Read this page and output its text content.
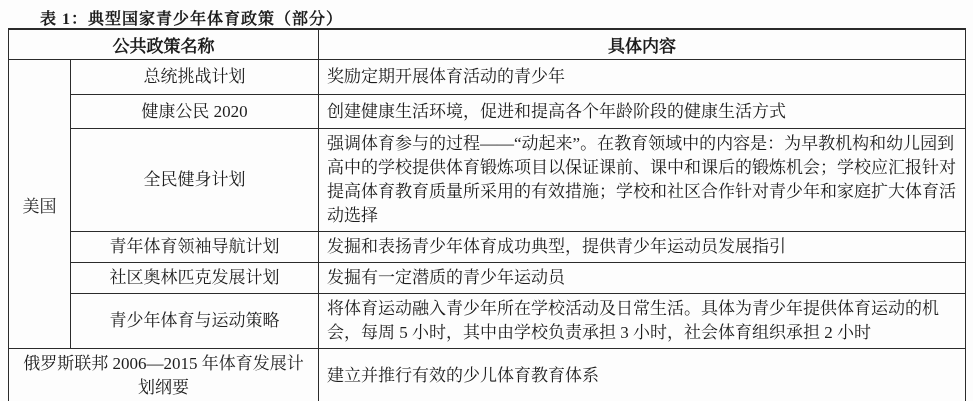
表 1：典型国家青少年体育政策（部分）
公共政策名称		具体内容
美国	总统挑战计划	奖励定期开展体育活动的青少年
	健康公民 2020	创建健康生活环境，促进和提高各个年龄阶段的健康生活方式
	全民健身计划	强调体育参与的过程——“动起来”。在教育领域中的内容是：为早教机构和幼儿园到高中的学校提供体育锻炼项目以保证课前、课中和课后的锻炼机会；学校应汇报针对提高体育教育质量所采用的有效措施；学校和社区合作针对青少年和家庭扩大体育活动选择
	青年体育领袖导航计划	发掘和表扬青少年体育成功典型，提供青少年运动员发展指引
	社区奥林匹克发展计划	发掘有一定潜质的青少年运动员
	青少年体育与运动策略	将体育运动融入青少年所在学校活动及日常生活。具体为青少年提供体育运动的机会，每周 5 小时，其中由学校负责承担 3 小时，社会体育组织承担 2 小时
俄罗斯联邦 2006—2015 年体育发展计划纲要		建立并推行有效的少儿体育教育体系
